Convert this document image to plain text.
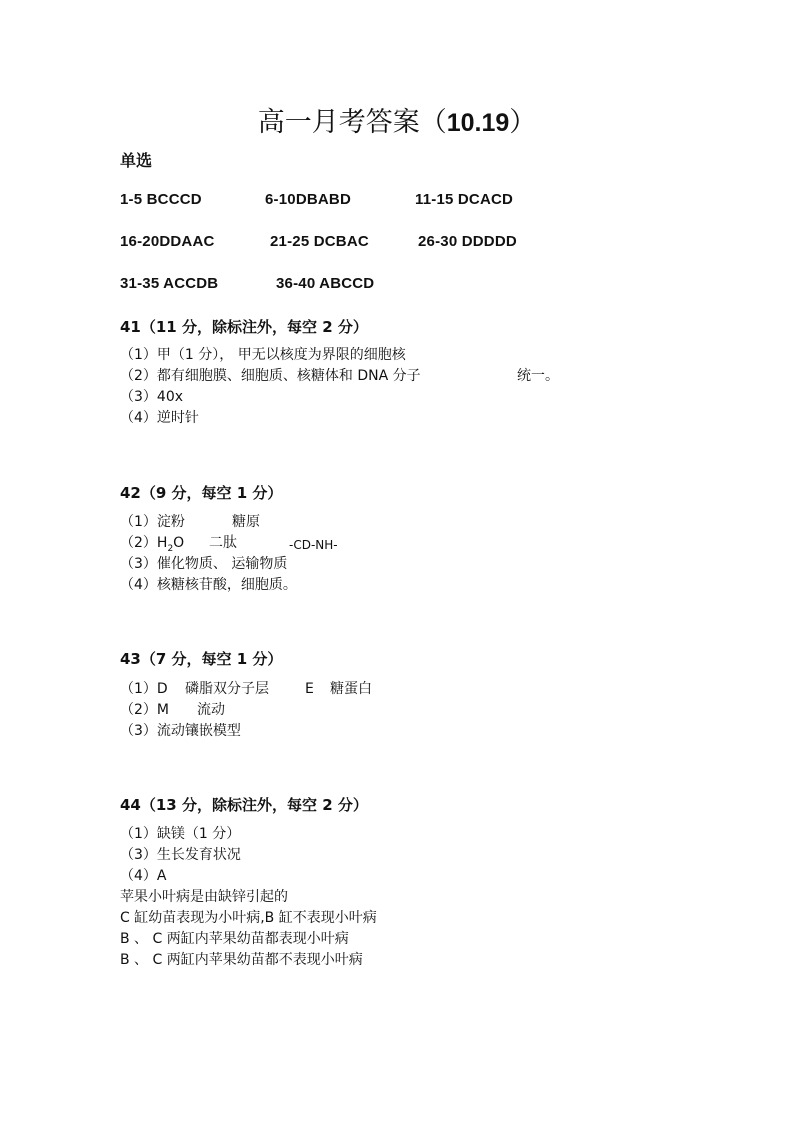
高一月考答案（10.19）
单选
1-5 BCCCD	6-10DBABD	11-15 DCACD
16-20DDAAC	21-25 DCBAC	26-30 DDDDD
31-35 ACCDB	36-40 ABCCD
41（11 分，除标注外，每空 2 分）
（1）甲（1 分）， 甲无以核度为界限的细胞核
（2）都有细胞膜、细胞质、核糖体和 DNA 分子	统一。
（3）40x
（4）逆时针
42（9 分，每空 1 分）
（1）淀粉	糖原
$(2)H_2O$ 二肽	-CD-NH-
（3）催化物质、 运输物质
（4）核糖核苷酸，细胞质。
43（7 分，每空 1 分）
（1）D 磷脂双分子层	E 糖蛋白
（2）M 流动
（3）流动镶嵌模型
44（13 分，除标注外，每空 2 分）
（1）缺镁（1 分）
（3）生长发育状况
（4）A
苹果小叶病是由缺锌引起的
C 缸幼苗表现为小叶病,B 缸不表现小叶病
B 、 C 两缸内苹果幼苗都表现小叶病
B 、 C 两缸内苹果幼苗都不表现小叶病
